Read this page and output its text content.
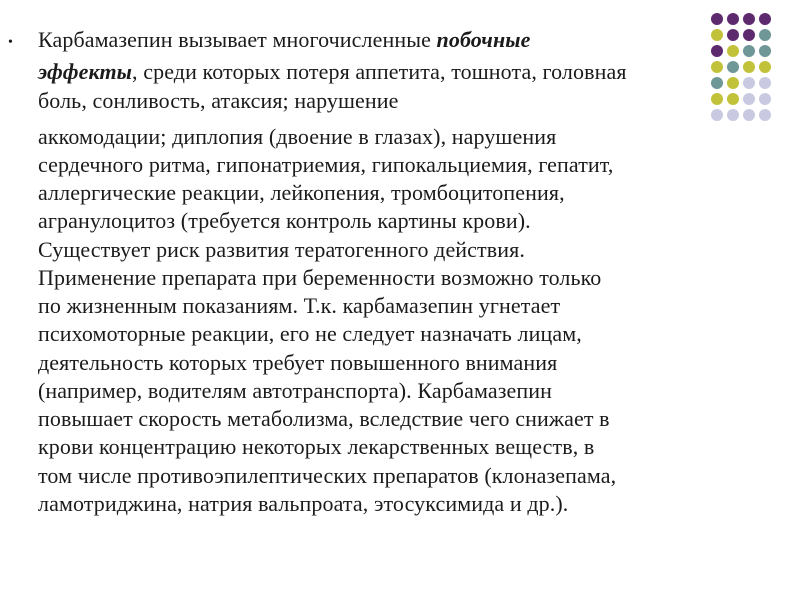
• Карбамазепин вызывает многочисленные побочные
эффекты, среди которых потеря аппетита, тошнота, головная
боль, сонливость, атаксия; нарушение
аккомодации; диплопия (двоение в глазах), нарушения
сердечного ритма, гипонатриемия, гипокальциемия, гепатит,
аллергические реакции, лейкопения, тромбоцитопения,
агранулоцитоз (требуется контроль картины крови).
Существует риск развития тератогенного действия.
Применение препарата при беременности возможно только
по жизненным показаниям. Т.к. карбамазепин угнетает
психомоторные реакции, его не следует назначать лицам,
деятельность которых требует повышенного внимания
(например, водителям автотранспорта). Карбамазепин
повышает скорость метаболизма, вследствие чего снижает в
крови концентрацию некоторых лекарственных веществ, в
том числе противоэпилептических препаратов (клоназепама,
ламотриджина, натрия вальпроата, этосуксимида и др.).
